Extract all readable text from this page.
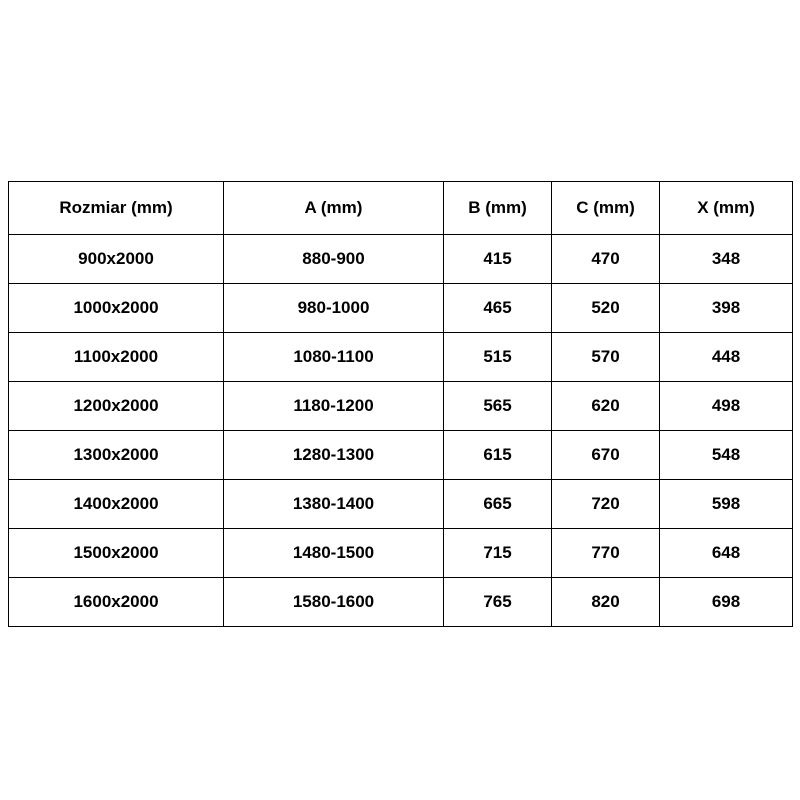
Rozmiar (mm)	A (mm)	B (mm)	C (mm)	X (mm)
900x2000	880-900	415	470	348
1000x2000	980-1000	465	520	398
1100x2000	1080-1100	515	570	448
1200x2000	1180-1200	565	620	498
1300x2000	1280-1300	615	670	548
1400x2000	1380-1400	665	720	598
1500x2000	1480-1500	715	770	648
1600x2000	1580-1600	765	820	698
